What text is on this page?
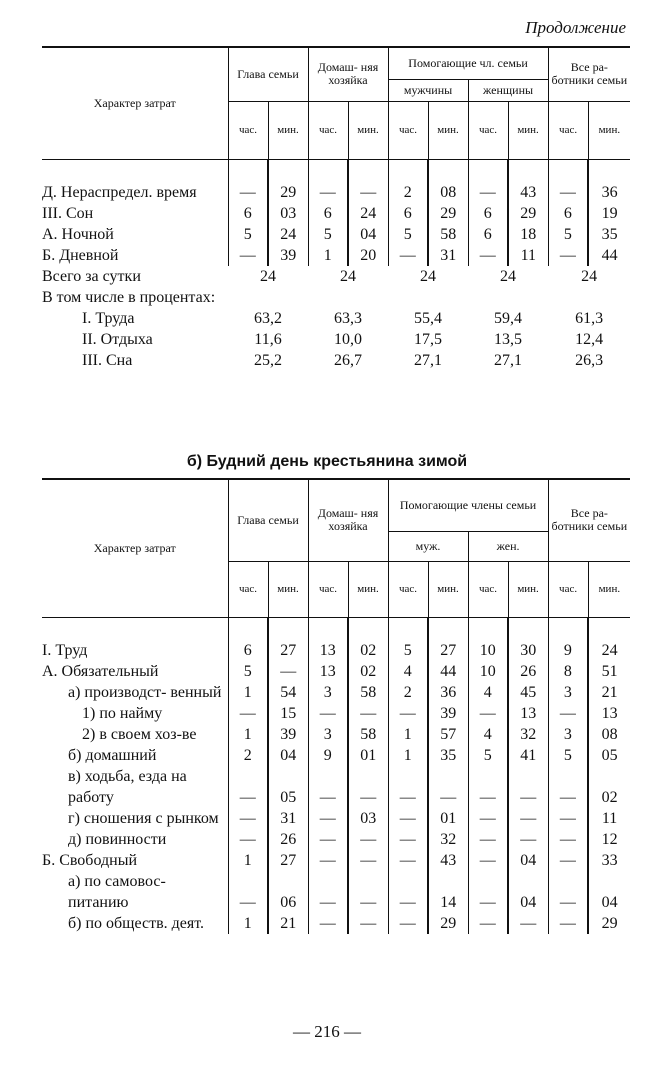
Продолжение
Характер затрат	Глава семьи		Домаш- няя хозяйка		Помогающие чл. семьи				Все ра- ботники семьи	
					мужчины		женщины			
	час.	мин.	час.	мин.	час.	мин.	час.	мин.	час.	мин.

Д. Нераспредел. время	—	29	—	—	2	08	—	43	—	36
III. Сон	6	03	6	24	6	29	6	29	6	19
А. Ночной	5	24	5	04	5	58	6	18	5	35
Б. Дневной	—	39	1	20	—	31	—	11	—	44
Всего за сутки	24		24		24		24		24	
В том числе в процентах:										
I. Труда	63,2		63,3		55,4		59,4		61,3	
II. Отдыха	11,6		10,0		17,5		13,5		12,4	
III. Сна	25,2		26,7		27,1		27,1		26,3	
б) Будний день крестьянина зимой
Характер затрат	Глава семьи		Домаш- няя хозяйка		Помогающие члены семьи				Все ра- ботники семьи	
					муж.		жен.			
	час.	мин.	час.	мин.	час.	мин.	час.	мин.	час.	мин.

I. Труд	6	27	13	02	5	27	10	30	9	24
А. Обязательный	5	—	13	02	4	44	10	26	8	51
а) производст- венный	1	54	3	58	2	36	4	45	3	21
1) по найму	—	15	—	—	—	39	—	13	—	13
2) в своем хоз-ве	1	39	3	58	1	57	4	32	3	08
б) домашний	2	04	9	01	1	35	5	41	5	05
в) ходьба, езда на работу	—	05	—	—	—	—	—	—	—	02
г) сношения с рынком	—	31	—	03	—	01	—	—	—	11
д) повинности	—	26	—	—	—	32	—	—	—	12
Б. Свободный	1	27	—	—	—	43	—	04	—	33
а) по самовос- питанию	—	06	—	—	—	14	—	04	—	04
б) по обществ. деят.	1	21	—	—	—	29	—	—	—	29
— 216 —
